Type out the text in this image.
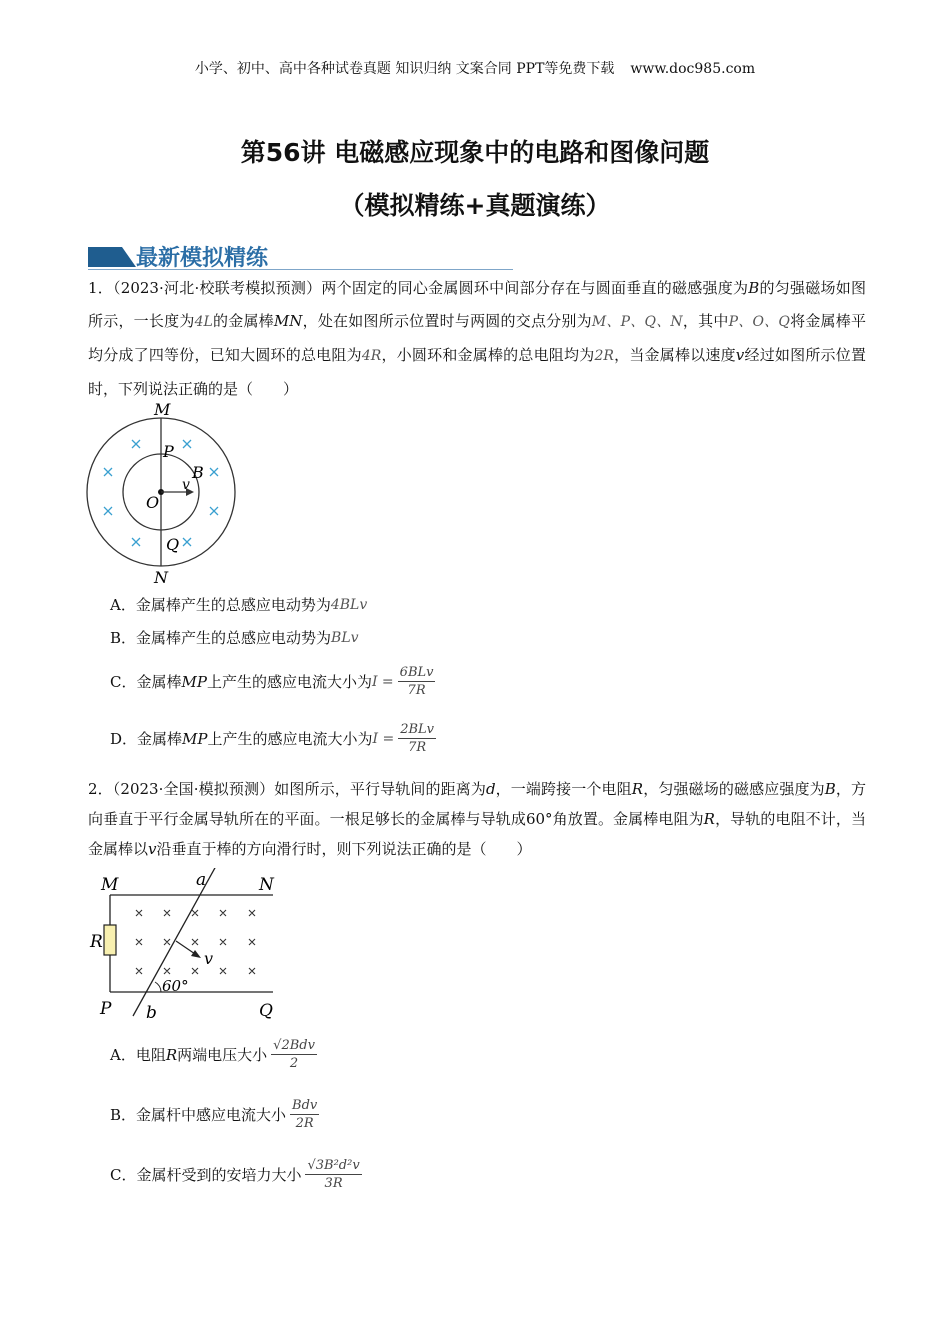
小学、初中、高中各种试卷真题 知识归纳 文案合同 PPT等免费下载 www.doc985.com
第56讲 电磁感应现象中的电路和图像问题
（模拟精练+真题演练）
最新模拟精练
1．（2023·河北·校联考模拟预测）两个固定的同心金属圆环中间部分存在与圆面垂直的磁感强度为B的匀强磁场如图所示，一长度为4L的金属棒MN，处在如图所示位置时与两圆的交点分别为M、P、Q、N，其中P、O、Q将金属棒平均分成了四等份，已知大圆环的总电阻为4R，小圆环和金属棒的总电阻均为2R，当金属棒以速度v经过如图所示位置时，下列说法正确的是（　　）
M
P
B
O
v
Q
N
A．金属棒产生的总感应电动势为 4BLv
B．金属棒产生的总感应电动势为 BLv
C．金属棒 MP 上产生的感应电流大小为 $I = \frac{\text{6BLv}}{7R}$
D．金属棒 MP 上产生的感应电流大小为 $I = \frac{\text{2BLv}}{7R}$
2．（2023·全国·模拟预测）如图所示，平行导轨间的距离为d，一端跨接一个电阻R，匀强磁场的磁感应强度为B，方向垂直于平行金属导轨所在的平面。一根足够长的金属棒与导轨成60°角放置。金属棒电阻为R，导轨的电阻不计，当金属棒以v沿垂直于棒的方向滑行时，则下列说法正确的是（　　）
M	a	N
R
v
60°
P b	Q
A．电阻 R 两端电压大小 $\frac{\text{√2Bdv}}{2}$
B．金属杆中感应电流大小 $\frac{\text{Bdv}}{2R}$
C．金属杆受到的安培力大小 $\frac{\text{√3B²d²v}}{3R}$
